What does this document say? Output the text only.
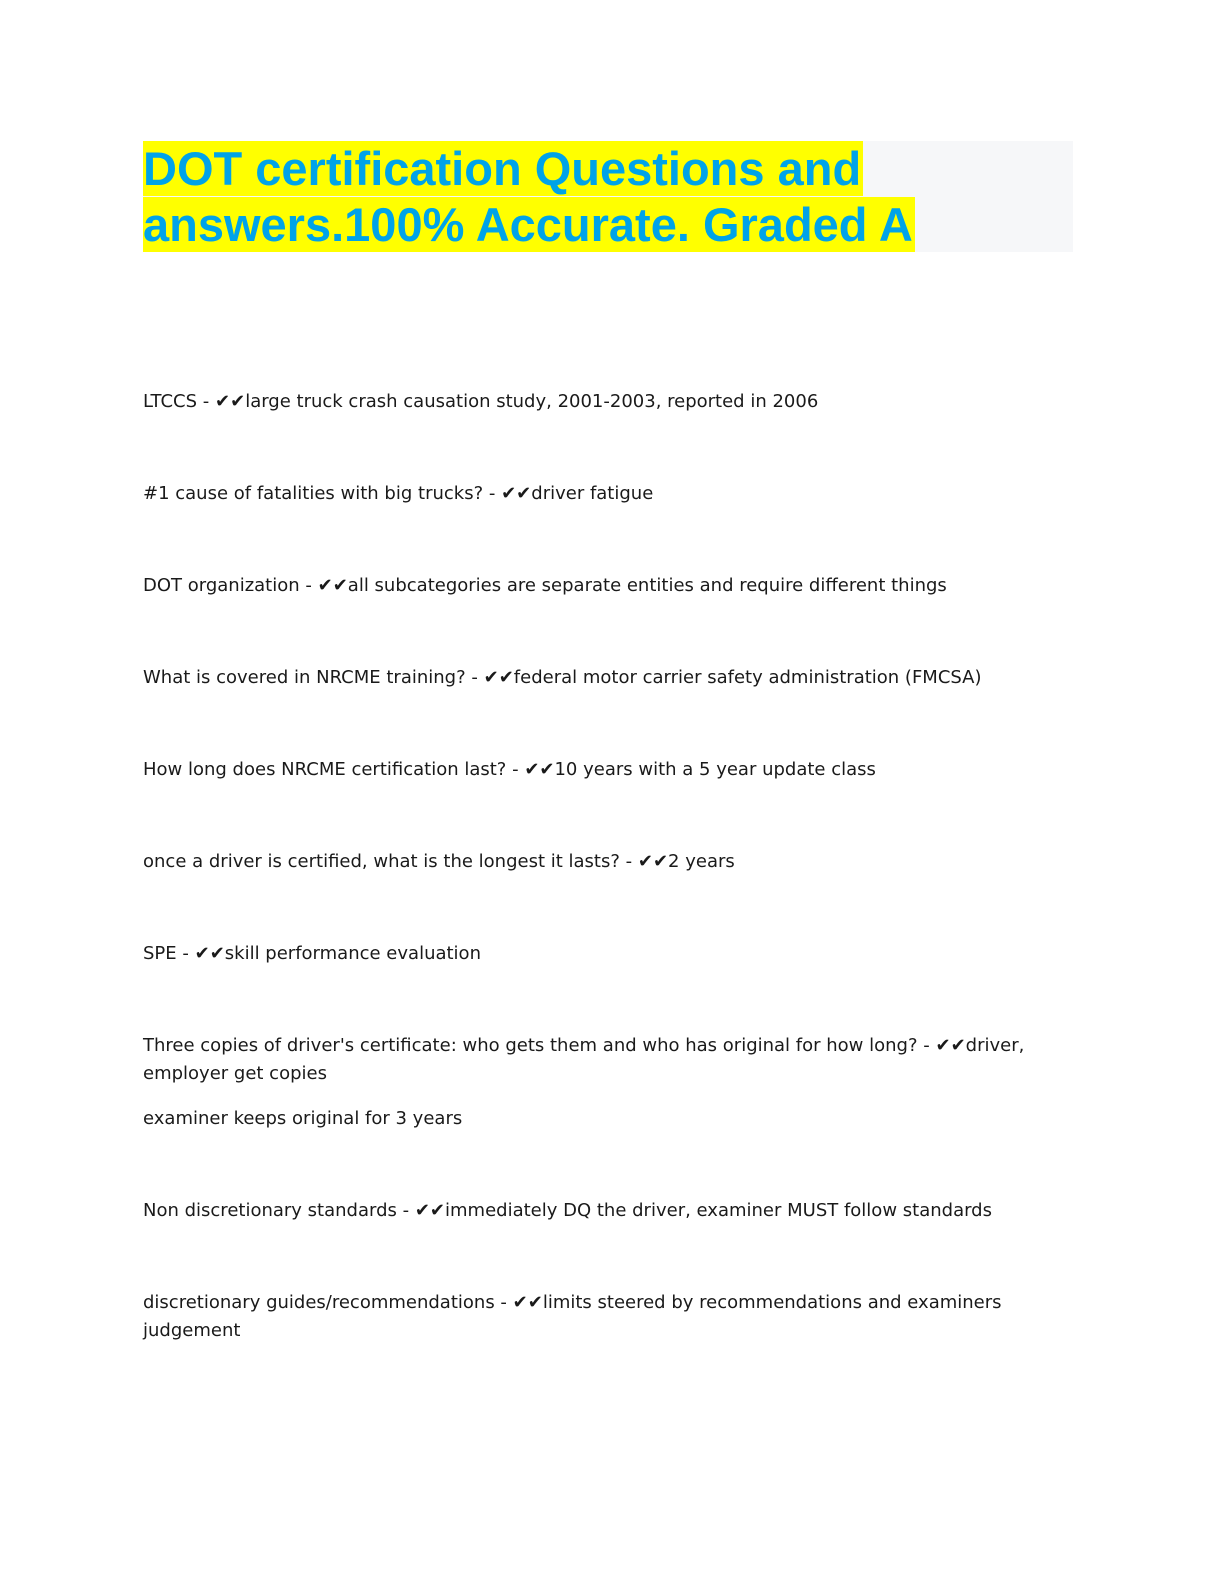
DOT certification Questions and
answers.100% Accurate. Graded A

LTCCS - ✔✔large truck crash causation study, 2001-2003, reported in 2006

#1 cause of fatalities with big trucks? - ✔✔driver fatigue

DOT organization - ✔✔all subcategories are separate entities and require different things

What is covered in NRCME training? - ✔✔federal motor carrier safety administration (FMCSA)

How long does NRCME certification last? - ✔✔10 years with a 5 year update class

once a driver is certified, what is the longest it lasts? - ✔✔2 years

SPE - ✔✔skill performance evaluation

Three copies of driver's certificate: who gets them and who has original for how long? - ✔✔driver, employer get copies

examiner keeps original for 3 years

Non discretionary standards - ✔✔immediately DQ the driver, examiner MUST follow standards

discretionary guides/recommendations - ✔✔limits steered by recommendations and examiners judgement
